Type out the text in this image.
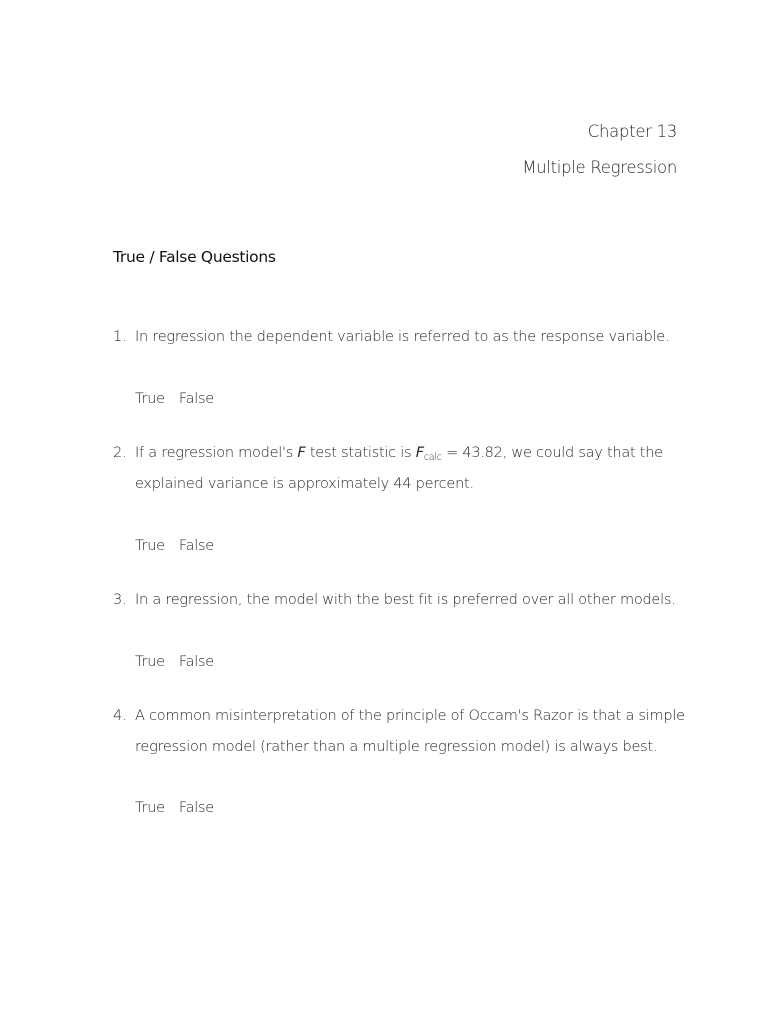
Chapter 13
Multiple Regression
True / False Questions
1. In regression the dependent variable is referred to as the response variable.
True False
2. If a regression model's F test statistic is $F_{calc} = 43.82$, we could say that the
explained variance is approximately 44 percent.
True False
3. In a regression, the model with the best fit is preferred over all other models.
True False
4. A common misinterpretation of the principle of Occam's Razor is that a simple
regression model (rather than a multiple regression model) is always best.
True False
